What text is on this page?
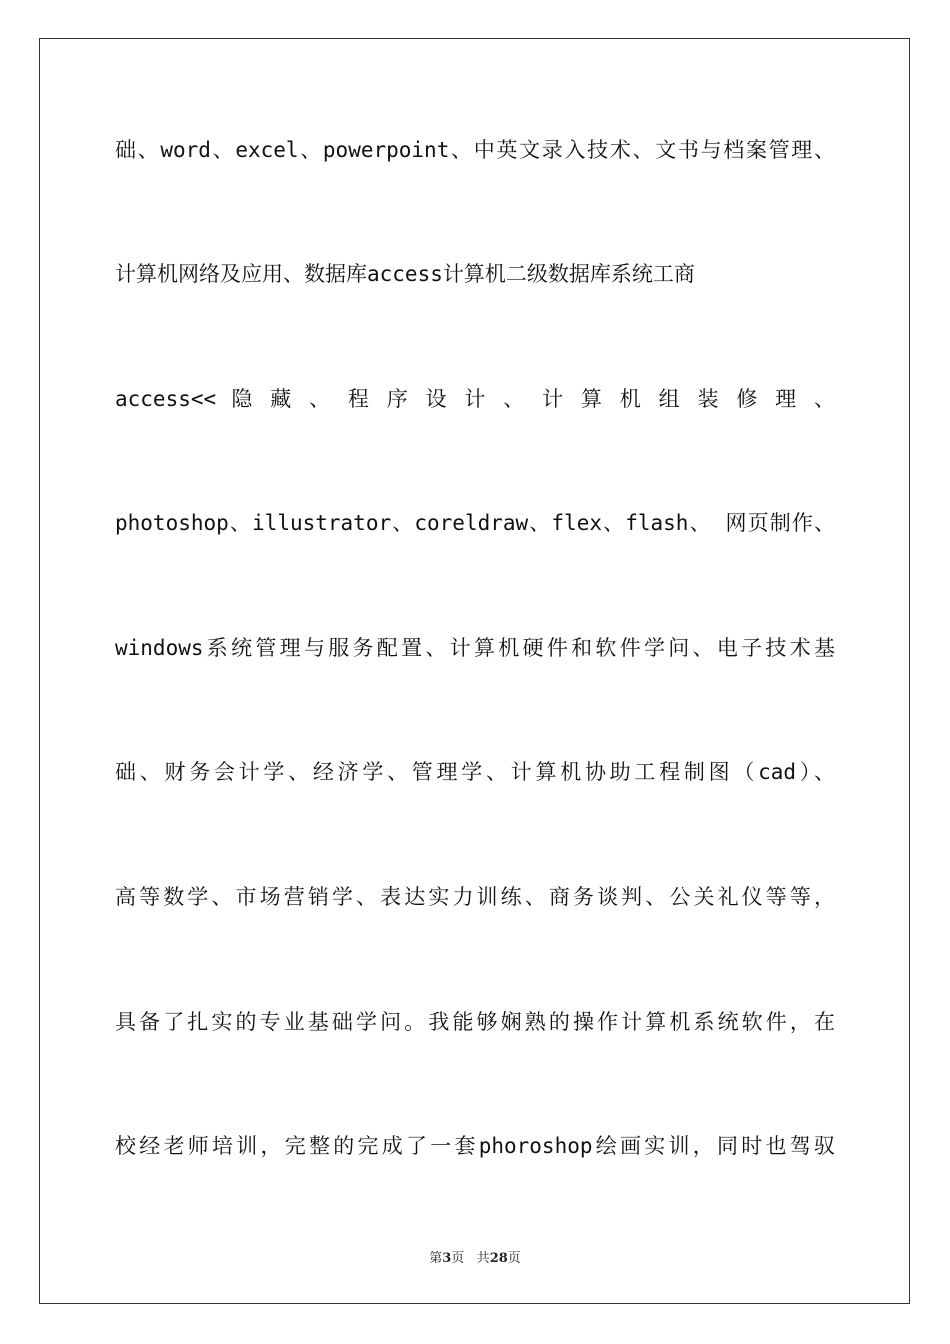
础、word、excel、powerpoint、中英文录入技术、文书与档案管理、

计算机网络及应用、数据库access计算机二级数据库系统工商

access<< 隐 藏 、 程 序 设 计 、 计 算 机 组 装 修 理 、

photoshop、illustrator、coreldraw、flex、flash、 网页制作、

windows系统管理与服务配置、计算机硬件和软件学问、电子技术基

础、财务会计学、经济学、管理学、计算机协助工程制图（cad）、

高等数学、市场营销学、表达实力训练、商务谈判、公关礼仪等等，

具备了扎实的专业基础学问。我能够娴熟的操作计算机系统软件，在

校经老师培训，完整的完成了一套phoroshop绘画实训，同时也驾驭

第3页 共28页
